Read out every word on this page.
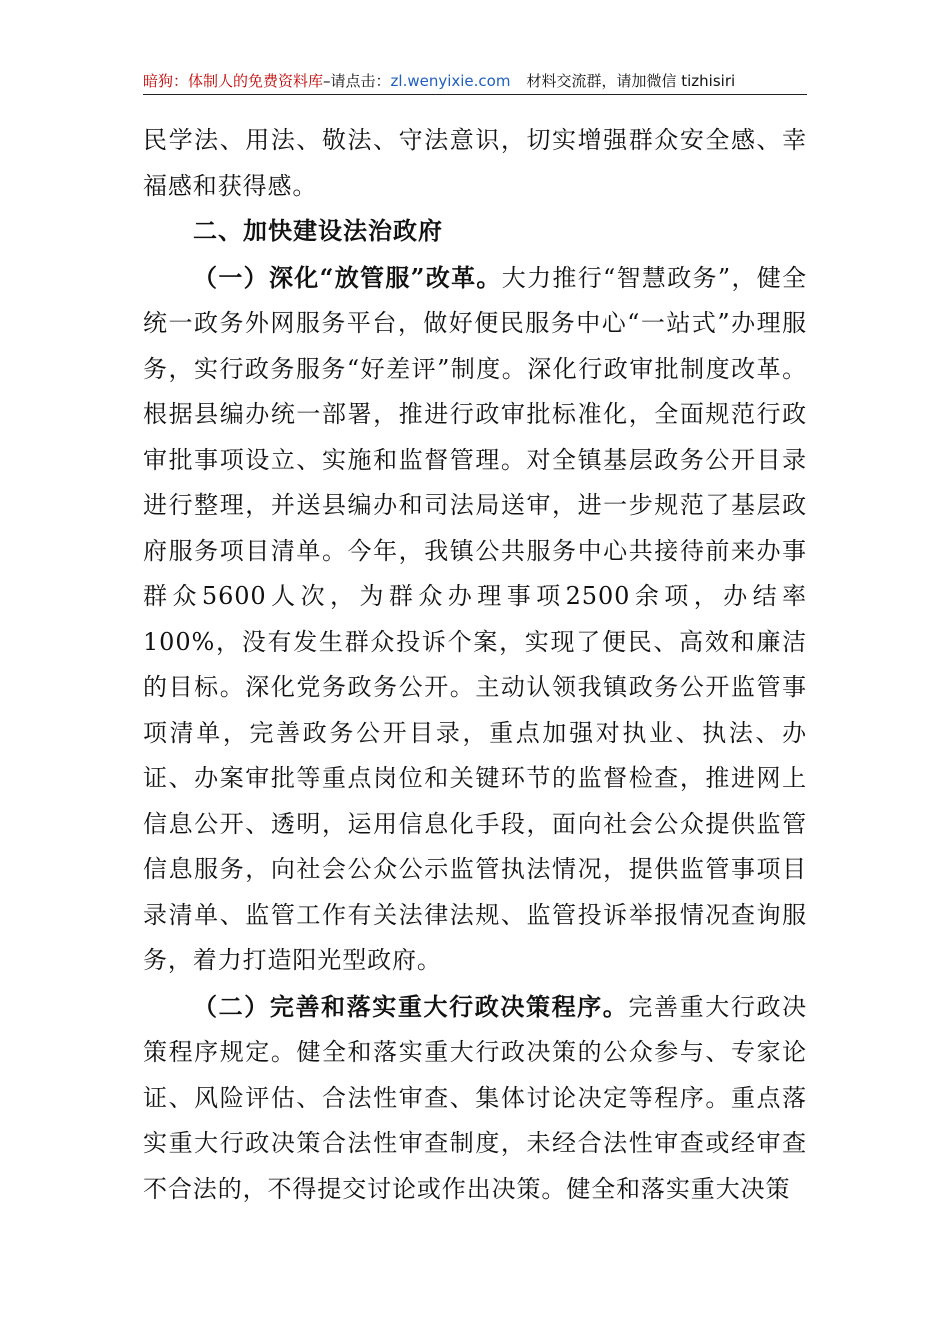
暗狗：体制人的免费资料库–请点击：zl.wenyixie.com 材料交流群，请加微信 tizhisiri

民学法、用法、敬法、守法意识，切实增强群众安全感、幸福感和获得感。

二、加快建设法治政府

（一）深化“放管服”改革。大力推行“智慧政务”，健全统一政务外网服务平台，做好便民服务中心“一站式”办理服务，实行政务服务“好差评”制度。深化行政审批制度改革。根据县编办统一部署，推进行政审批标准化，全面规范行政审批事项设立、实施和监督管理。对全镇基层政务公开目录进行整理，并送县编办和司法局送审，进一步规范了基层政府服务项目清单。今年，我镇公共服务中心共接待前来办事群众5600人次，为群众办理事项2500余项，办结率100%，没有发生群众投诉个案，实现了便民、高效和廉洁的目标。深化党务政务公开。主动认领我镇政务公开监管事项清单，完善政务公开目录，重点加强对执业、执法、办证、办案审批等重点岗位和关键环节的监督检查，推进网上信息公开、透明，运用信息化手段，面向社会公众提供监管信息服务，向社会公众公示监管执法情况，提供监管事项目录清单、监管工作有关法律法规、监管投诉举报情况查询服务，着力打造阳光型政府。

（二）完善和落实重大行政决策程序。完善重大行政决策程序规定。健全和落实重大行政决策的公众参与、专家论证、风险评估、合法性审查、集体讨论决定等程序。重点落实重大行政决策合法性审查制度，未经合法性审查或经审查不合法的，不得提交讨论或作出决策。健全和落实重大决策
